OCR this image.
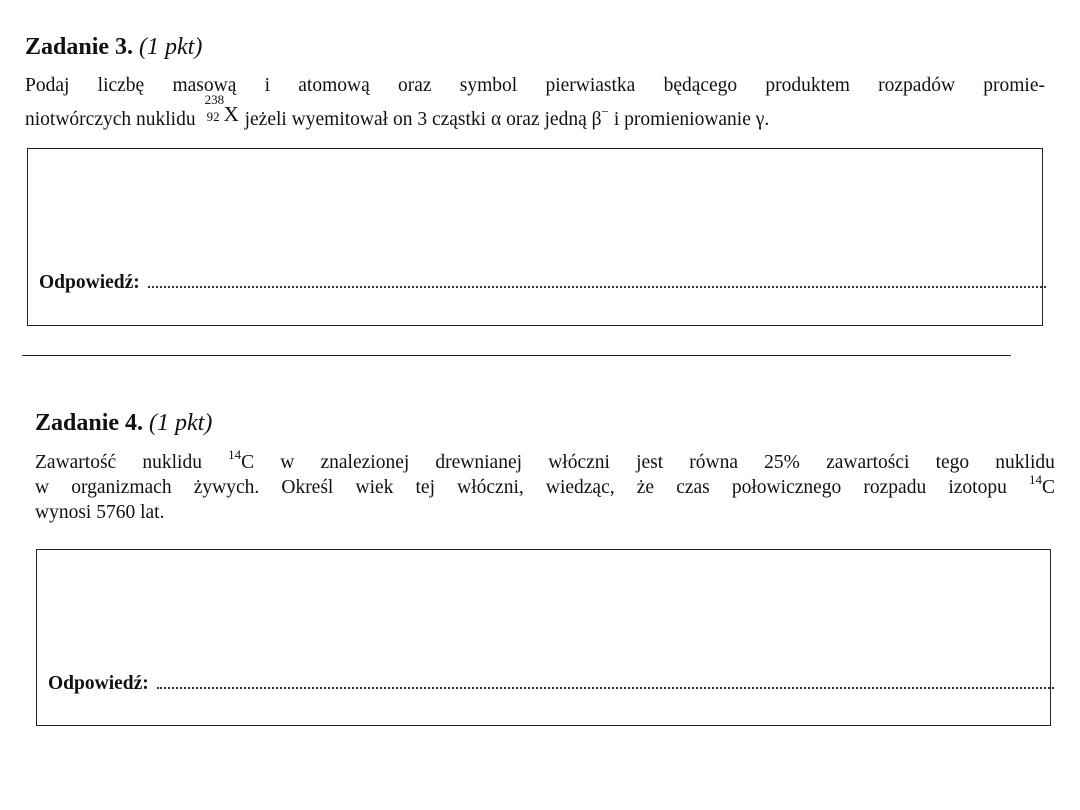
Zadanie 3. (1 pkt)
Podaj liczbę masową i atomową oraz symbol pierwiastka będącego produktem rozpadów promie-
niotwórczych nuklidu
238
92 X jeżeli wyemitował on 3 cząstki α oraz jedną β− i promieniowanie γ.
Odpowiedź:
Zadanie 4. (1 pkt)
Zawartość nuklidu $^{14}$C w znalezionej drewnianej włóczni jest równa 25% zawartości tego nuklidu
w organizmach żywych. Określ wiek tej włóczni, wiedząc, że czas połowicznego rozpadu izotopu $^{14}$C
wynosi 5760 lat.
Odpowiedź:
